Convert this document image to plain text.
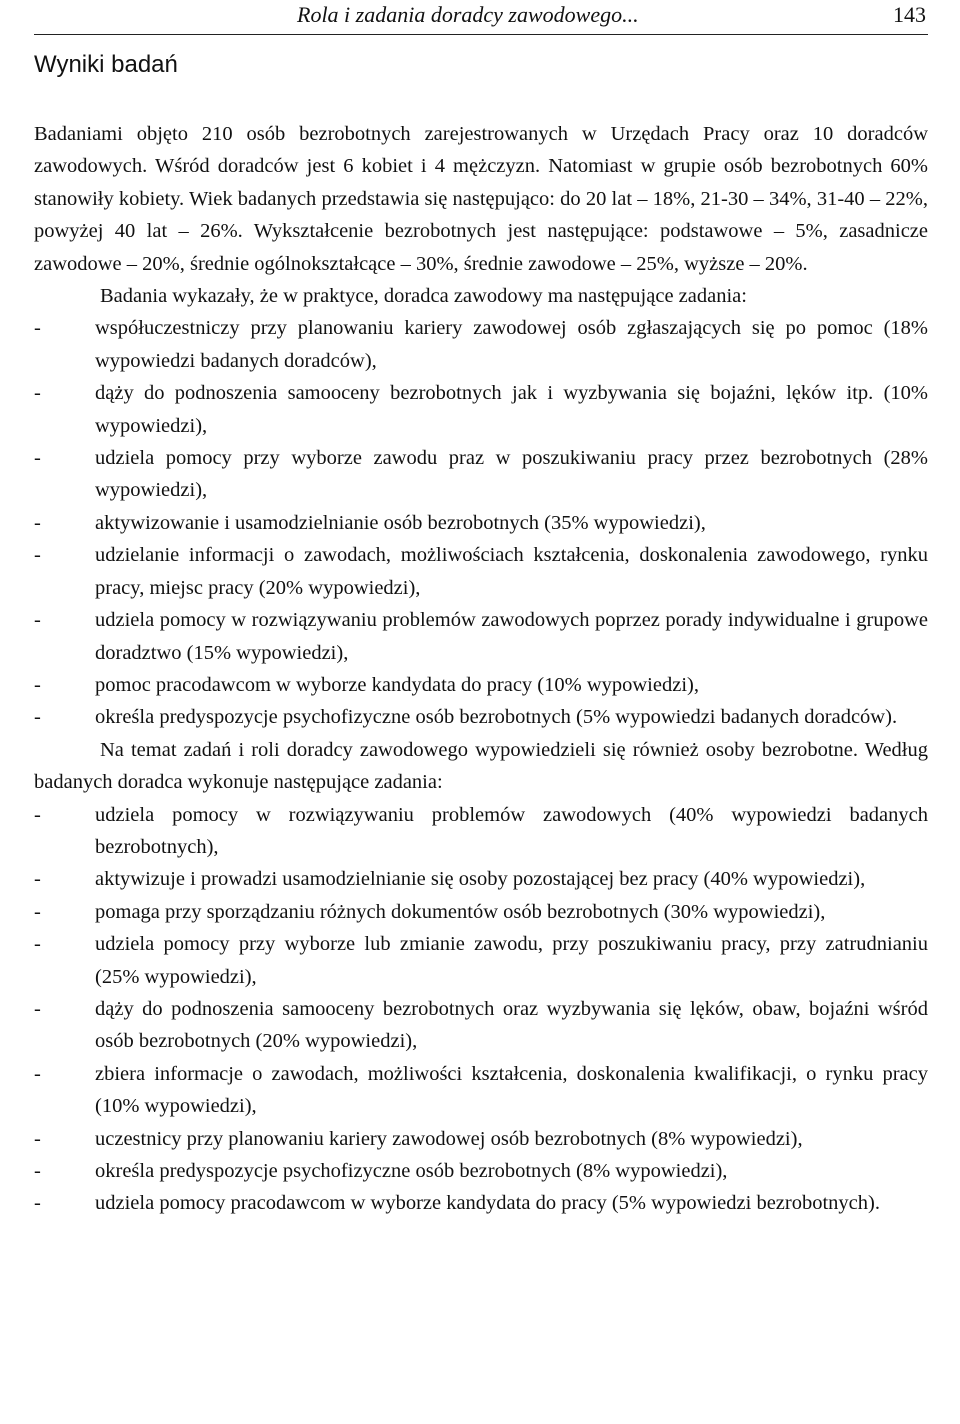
Rola i zadania doradcy zawodowego...	143
Wyniki badań

Badaniami objęto 210 osób bezrobotnych zarejestrowanych w Urzędach Pracy oraz 10 doradców zawodowych. Wśród doradców jest 6 kobiet i 4 mężczyzn. Natomiast w grupie osób bezrobotnych 60% stanowiły kobiety. Wiek badanych przedstawia się następująco: do 20 lat – 18%, 21-30 – 34%, 31-40 – 22%, powyżej 40 lat – 26%. Wykształcenie bezrobotnych jest następujące: podstawowe – 5%, zasadnicze zawodowe – 20%, średnie ogólnokształcące – 30%, średnie zawodowe – 25%, wyższe – 20%.

Badania wykazały, że w praktyce, doradca zawodowy ma następujące zadania:

- współuczestniczy przy planowaniu kariery zawodowej osób zgłaszających się po pomoc (18% wypowiedzi badanych doradców),
- dąży do podnoszenia samooceny bezrobotnych jak i wyzbywania się bojaźni, lęków itp. (10% wypowiedzi),
- udziela pomocy przy wyborze zawodu praz w poszukiwaniu pracy przez bezrobotnych (28% wypowiedzi),
- aktywizowanie i usamodzielnianie osób bezrobotnych (35% wypowiedzi),
- udzielanie informacji o zawodach, możliwościach kształcenia, doskonalenia zawodowego, rynku pracy, miejsc pracy (20% wypowiedzi),
- udziela pomocy w rozwiązywaniu problemów zawodowych poprzez porady indywidualne i grupowe doradztwo (15% wypowiedzi),
- pomoc pracodawcom w wyborze kandydata do pracy (10% wypowiedzi),
- określa predyspozycje psychofizyczne osób bezrobotnych (5% wypowiedzi badanych doradców).

Na temat zadań i roli doradcy zawodowego wypowiedzieli się również osoby bezrobotne. Według badanych doradca wykonuje następujące zadania:

- udziela pomocy w rozwiązywaniu problemów zawodowych (40% wypowiedzi badanych bezrobotnych),
- aktywizuje i prowadzi usamodzielnianie się osoby pozostającej bez pracy (40% wypowiedzi),
- pomaga przy sporządzaniu różnych dokumentów osób bezrobotnych (30% wypowiedzi),
- udziela pomocy przy wyborze lub zmianie zawodu, przy poszukiwaniu pracy, przy zatrudnianiu (25% wypowiedzi),
- dąży do podnoszenia samooceny bezrobotnych oraz wyzbywania się lęków, obaw, bojaźni wśród osób bezrobotnych (20% wypowiedzi),
- zbiera informacje o zawodach, możliwości kształcenia, doskonalenia kwalifikacji, o rynku pracy (10% wypowiedzi),
- uczestnicy przy planowaniu kariery zawodowej osób bezrobotnych (8% wypowiedzi),
- określa predyspozycje psychofizyczne osób bezrobotnych (8% wypowiedzi),
- udziela pomocy pracodawcom w wyborze kandydata do pracy (5% wypowiedzi bezrobotnych).
